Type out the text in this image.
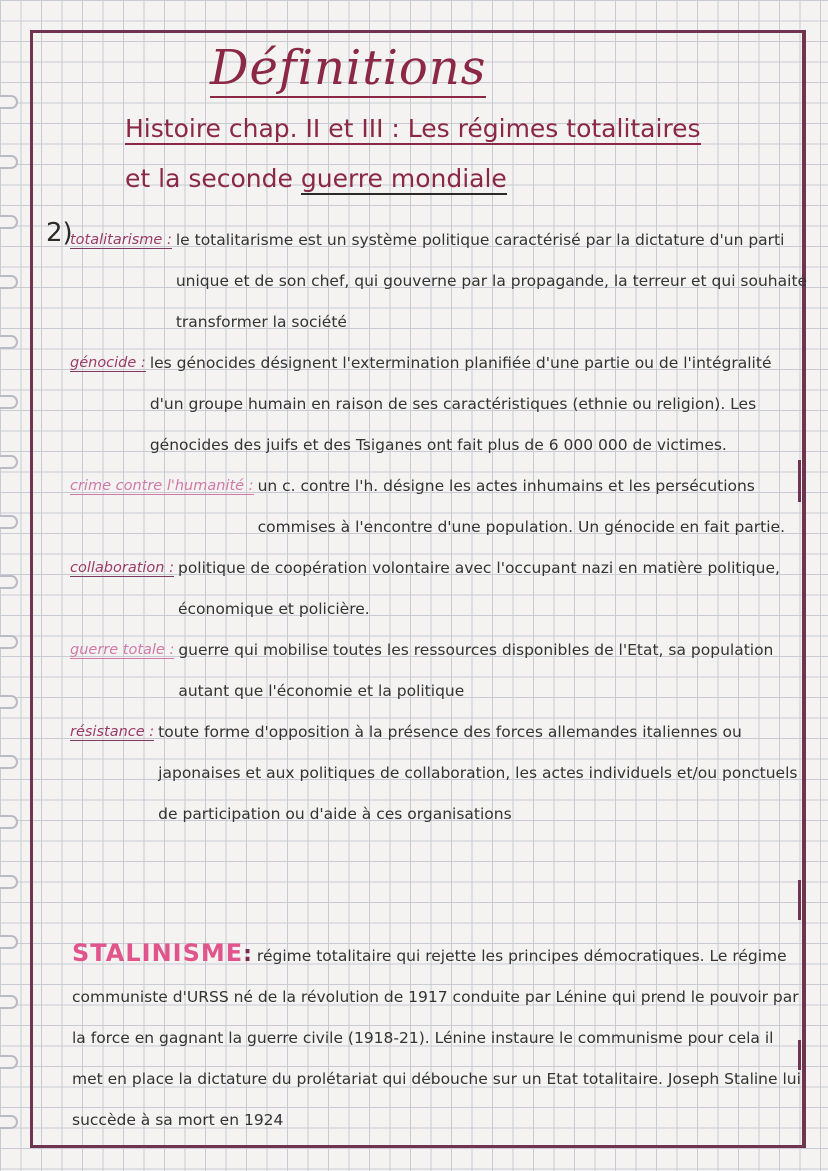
Définitions
Histoire chap. II et III : Les régimes totalitaires
et la seconde guerre mondiale
2)
totalitarisme : le totalitarisme est un système politique caractérisé par la dictature d'un parti unique et de son chef, qui gouverne par la propagande, la terreur et qui souhaite transformer la société
génocide : les génocides désignent l'extermination planifiée d'une partie ou de l'intégralité d'un groupe humain en raison de ses caractéristiques (ethnie ou religion). Les génocides des juifs et des Tsiganes ont fait plus de 6 000 000 de victimes.
crime contre l'humanité : un c. contre l'h. désigne les actes inhumains et les persécutions commises à l'encontre d'une population. Un génocide en fait partie.
collaboration : politique de coopération volontaire avec l'occupant nazi en matière politique, économique et policière.
guerre totale : guerre qui mobilise toutes les ressources disponibles de l'Etat, sa population autant que l'économie et la politique
résistance : toute forme d'opposition à la présence des forces allemandes italiennes ou japonaises et aux politiques de collaboration, les actes individuels et/ou ponctuels de participation ou d'aide à ces organisations
STALINISME: régime totalitaire qui rejette les principes démocratiques. Le régime communiste d'URSS né de la révolution de 1917 conduite par Lénine qui prend le pouvoir par la force en gagnant la guerre civile (1918-21). Lénine instaure le communisme pour cela il met en place la dictature du prolétariat qui débouche sur un Etat totalitaire. Joseph Staline lui succède à sa mort en 1924
